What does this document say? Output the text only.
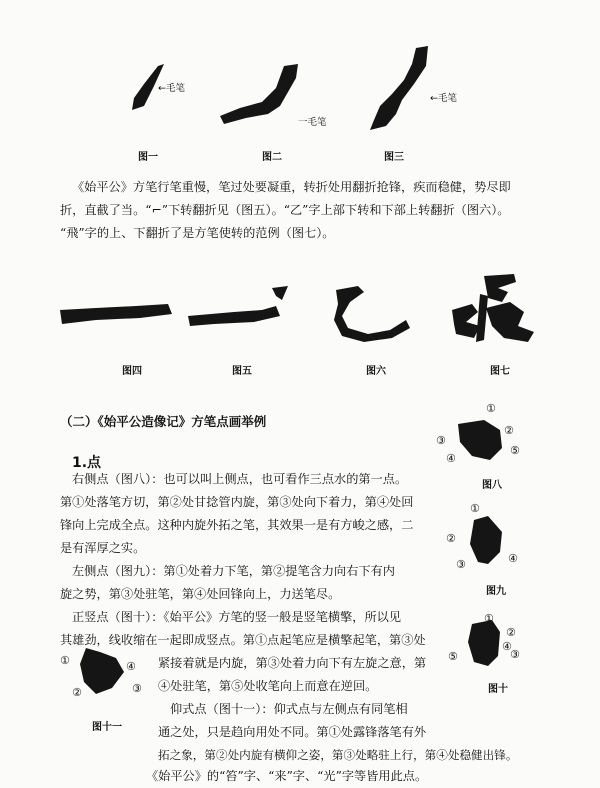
←毛笔
图一
一毛笔
图二
←毛笔
图三

《始平公》方笔行笔重慢，笔过处要凝重，转折处用翻折抢锋，疾而稳健，势尽即

折，直截了当。“⌐”下转翻折见（图五）。“乙”字上部下转和下部上转翻折（图六）。

“飛”字的上、下翻折了是方笔使转的范例（图七）。

图四	图五	图六	图七
（二）《始平公造像记》方笔点画举例
1.点

右侧点（图八）：也可以叫上侧点，也可看作三点水的第一点。

第①处落笔方切，第②处甘捻管内旋，第③处向下着力，第④处回

锋向上完成全点。这种内旋外拓之笔，其效果一是有方峻之感，二

是有浑厚之实。

左侧点（图九）：第①处着力下笔，第②提笔含力向右下有内

旋之势，第③处驻笔，第④处回锋向上，力送笔尽。

正竖点（图十）：《始平公》方笔的竖一般是竖笔横擎，所以见

其雄劲，线收缩在一起即成竖点。第①点起笔应是横擎起笔，第③处

紧接着就是内旋，第③处着力向下有左旋之意，第

④处驻笔，第⑤处收笔向上而意在逆回。

仰式点（图十一）：仰式点与左侧点有同笔相

通之处，只是趋向用处不同。第①处露锋落笔有外

拓之象，第②处内旋有横仰之姿，第③处略驻上行，第④处稳健出锋。

《始平公》的“笞”字、“来”字、“光”字等皆用此点。

①
②
③
④
⑤
图八
①
②
③	④
图九
①
②
③
④
⑤
图十
①
②	③
④
图十一
